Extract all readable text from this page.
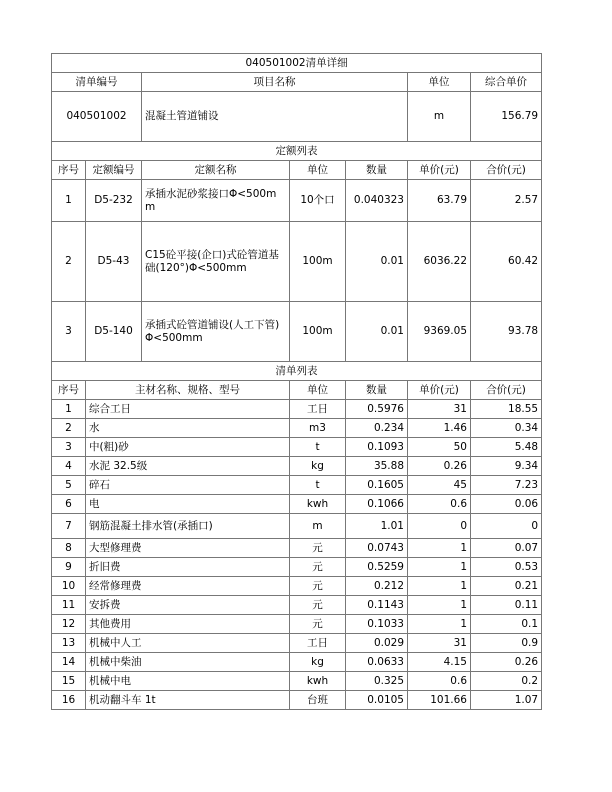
040501002清单详细						
清单编号		项目名称			单位	综合单价
040501002		混凝土管道铺设			m	156.79
定额列表						
序号	定额编号	定额名称	单位	数量	单价(元)	合价(元)
1	D5-232	承插水泥砂浆接口Φ<500mm	10个口	0.040323	63.79	2.57
2	D5-43	C15砼平接(企口)式砼管道基础(120°)Φ<500mm	100m	0.01	6036.22	60.42
3	D5-140	承插式砼管道铺设(人工下管)Φ<500mm	100m	0.01	9369.05	93.78
清单列表						
序号	主材名称、规格、型号		单位	数量	单价(元)	合价(元)
1	综合工日		工日	0.5976	31	18.55
2	水		m3	0.234	1.46	0.34
3	中(粗)砂		t	0.1093	50	5.48
4	水泥 32.5级		kg	35.88	0.26	9.34
5	碎石		t	0.1605	45	7.23
6	电		kwh	0.1066	0.6	0.06
7	钢筋混凝土排水管(承插口)		m	1.01	0	0
8	大型修理费		元	0.0743	1	0.07
9	折旧费		元	0.5259	1	0.53
10	经常修理费		元	0.212	1	0.21
11	安拆费		元	0.1143	1	0.11
12	其他费用		元	0.1033	1	0.1
13	机械中人工		工日	0.029	31	0.9
14	机械中柴油		kg	0.0633	4.15	0.26
15	机械中电		kwh	0.325	0.6	0.2
16	机动翻斗车 1t		台班	0.0105	101.66	1.07
